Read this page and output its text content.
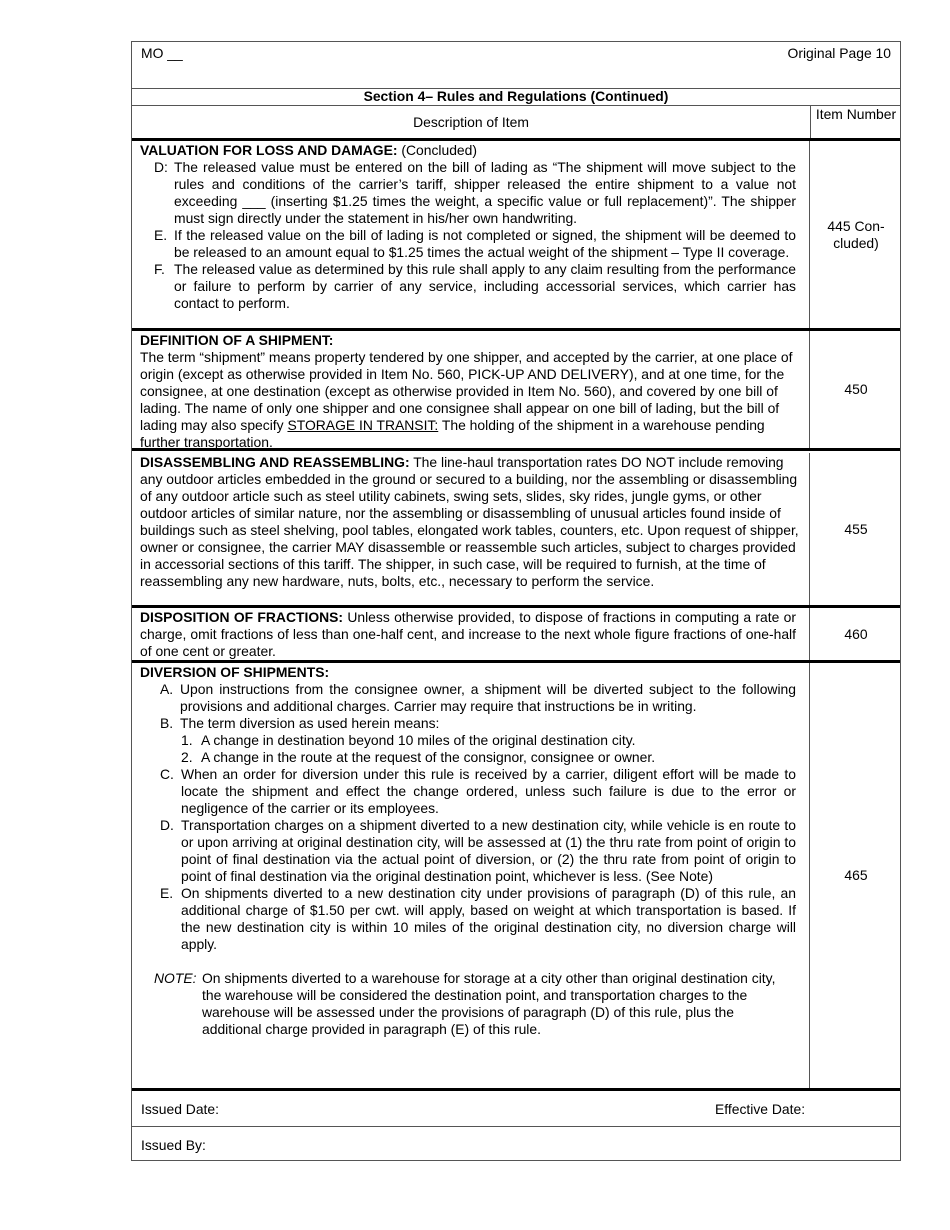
MO __	Original Page 10
Section 4– Rules and Regulations (Continued)
Description of Item	Item Number
VALUATION FOR LOSS AND DAMAGE: (Concluded)
D: The released value must be entered on the bill of lading as “The shipment will move subject to the rules and conditions of the carrier’s tariff, shipper released the entire shipment to a value not exceeding ___ (inserting $1.25 times the weight, a specific value or full replacement)”. The shipper must sign directly under the statement in his/her own handwriting.
E. If the released value on the bill of lading is not completed or signed, the shipment will be deemed to be released to an amount equal to $1.25 times the actual weight of the shipment – Type II coverage.
F. The released value as determined by this rule shall apply to any claim resulting from the performance or failure to perform by carrier of any service, including accessorial services, which carrier has contact to perform.
445 Con- cluded)
DEFINITION OF A SHIPMENT:
The term “shipment” means property tendered by one shipper, and accepted by the carrier, at one place of origin (except as otherwise provided in Item No. 560, PICK-UP AND DELIVERY), and at one time, for the consignee, at one destination (except as otherwise provided in Item No. 560), and covered by one bill of lading. The name of only one shipper and one consignee shall appear on one bill of lading, but the bill of lading may also specify STORAGE IN TRANSIT: The holding of the shipment in a warehouse pending further transportation.
450
DISASSEMBLING AND REASSEMBLING: The line-haul transportation rates DO NOT include removing any outdoor articles embedded in the ground or secured to a building, nor the assembling or disassembling of any outdoor article such as steel utility cabinets, swing sets, slides, sky rides, jungle gyms, or other outdoor articles of similar nature, nor the assembling or disassembling of unusual articles found inside of buildings such as steel shelving, pool tables, elongated work tables, counters, etc. Upon request of shipper, owner or consignee, the carrier MAY disassemble or reassemble such articles, subject to charges provided in accessorial sections of this tariff. The shipper, in such case, will be required to furnish, at the time of reassembling any new hardware, nuts, bolts, etc., necessary to perform the service.
455
DISPOSITION OF FRACTIONS: Unless otherwise provided, to dispose of fractions in computing a rate or charge, omit fractions of less than one-half cent, and increase to the next whole figure fractions of one-half of one cent or greater.
460
DIVERSION OF SHIPMENTS:
A. Upon instructions from the consignee owner, a shipment will be diverted subject to the following provisions and additional charges. Carrier may require that instructions be in writing.
B. The term diversion as used herein means:
1. A change in destination beyond 10 miles of the original destination city.
2. A change in the route at the request of the consignor, consignee or owner.
C. When an order for diversion under this rule is received by a carrier, diligent effort will be made to locate the shipment and effect the change ordered, unless such failure is due to the error or negligence of the carrier or its employees.
D. Transportation charges on a shipment diverted to a new destination city, while vehicle is en route to or upon arriving at original destination city, will be assessed at (1) the thru rate from point of origin to point of final destination via the actual point of diversion, or (2) the thru rate from point of origin to point of final destination via the original destination point, whichever is less. (See Note)
E. On shipments diverted to a new destination city under provisions of paragraph (D) of this rule, an additional charge of $1.50 per cwt. will apply, based on weight at which transportation is based. If the new destination city is within 10 miles of the original destination city, no diversion charge will apply.
NOTE: On shipments diverted to a warehouse for storage at a city other than original destination city, the warehouse will be considered the destination point, and transportation charges to the warehouse will be assessed under the provisions of paragraph (D) of this rule, plus the additional charge provided in paragraph (E) of this rule.
465
Issued Date:	Effective Date:
Issued By:
